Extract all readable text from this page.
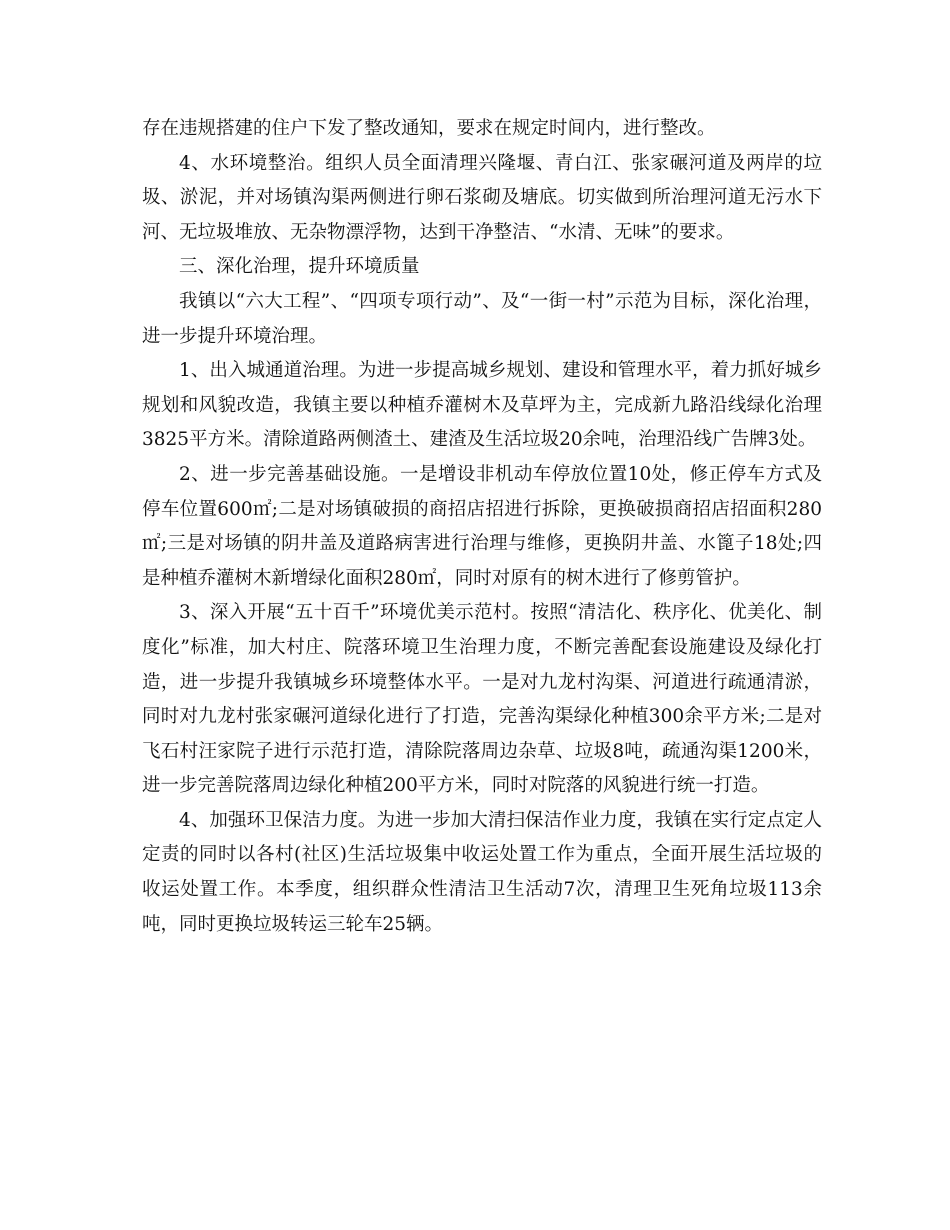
存在违规搭建的住户下发了整改通知，要求在规定时间内，进行整改。

4、水环境整治。组织人员全面清理兴隆堰、青白江、张家碾河道及两岸的垃圾、淤泥，并对场镇沟渠两侧进行卵石浆砌及塘底。切实做到所治理河道无污水下河、无垃圾堆放、无杂物漂浮物，达到干净整洁、“水清、无味”的要求。

三、深化治理，提升环境质量

我镇以“六大工程”、“四项专项行动”、及“一街一村”示范为目标，深化治理，进一步提升环境治理。

1、出入城通道治理。为进一步提高城乡规划、建设和管理水平，着力抓好城乡规划和风貌改造，我镇主要以种植乔灌树木及草坪为主，完成新九路沿线绿化治理3825平方米。清除道路两侧渣土、建渣及生活垃圾20余吨，治理沿线广告牌3处。

2、进一步完善基础设施。一是增设非机动车停放位置10处，修正停车方式及停车位置600㎡;二是对场镇破损的商招店招进行拆除，更换破损商招店招面积280㎡;三是对场镇的阴井盖及道路病害进行治理与维修，更换阴井盖、水篦子18处;四是种植乔灌树木新增绿化面积280㎡，同时对原有的树木进行了修剪管护。

3、深入开展“五十百千”环境优美示范村。按照“清洁化、秩序化、优美化、制度化”标准，加大村庄、院落环境卫生治理力度，不断完善配套设施建设及绿化打造，进一步提升我镇城乡环境整体水平。一是对九龙村沟渠、河道进行疏通清淤，同时对九龙村张家碾河道绿化进行了打造，完善沟渠绿化种植300余平方米;二是对飞石村汪家院子进行示范打造，清除院落周边杂草、垃圾8吨，疏通沟渠1200米，进一步完善院落周边绿化种植200平方米，同时对院落的风貌进行统一打造。

4、加强环卫保洁力度。为进一步加大清扫保洁作业力度，我镇在实行定点定人定责的同时以各村(社区)生活垃圾集中收运处置工作为重点，全面开展生活垃圾的收运处置工作。本季度，组织群众性清洁卫生活动7次，清理卫生死角垃圾113余吨，同时更换垃圾转运三轮车25辆。
